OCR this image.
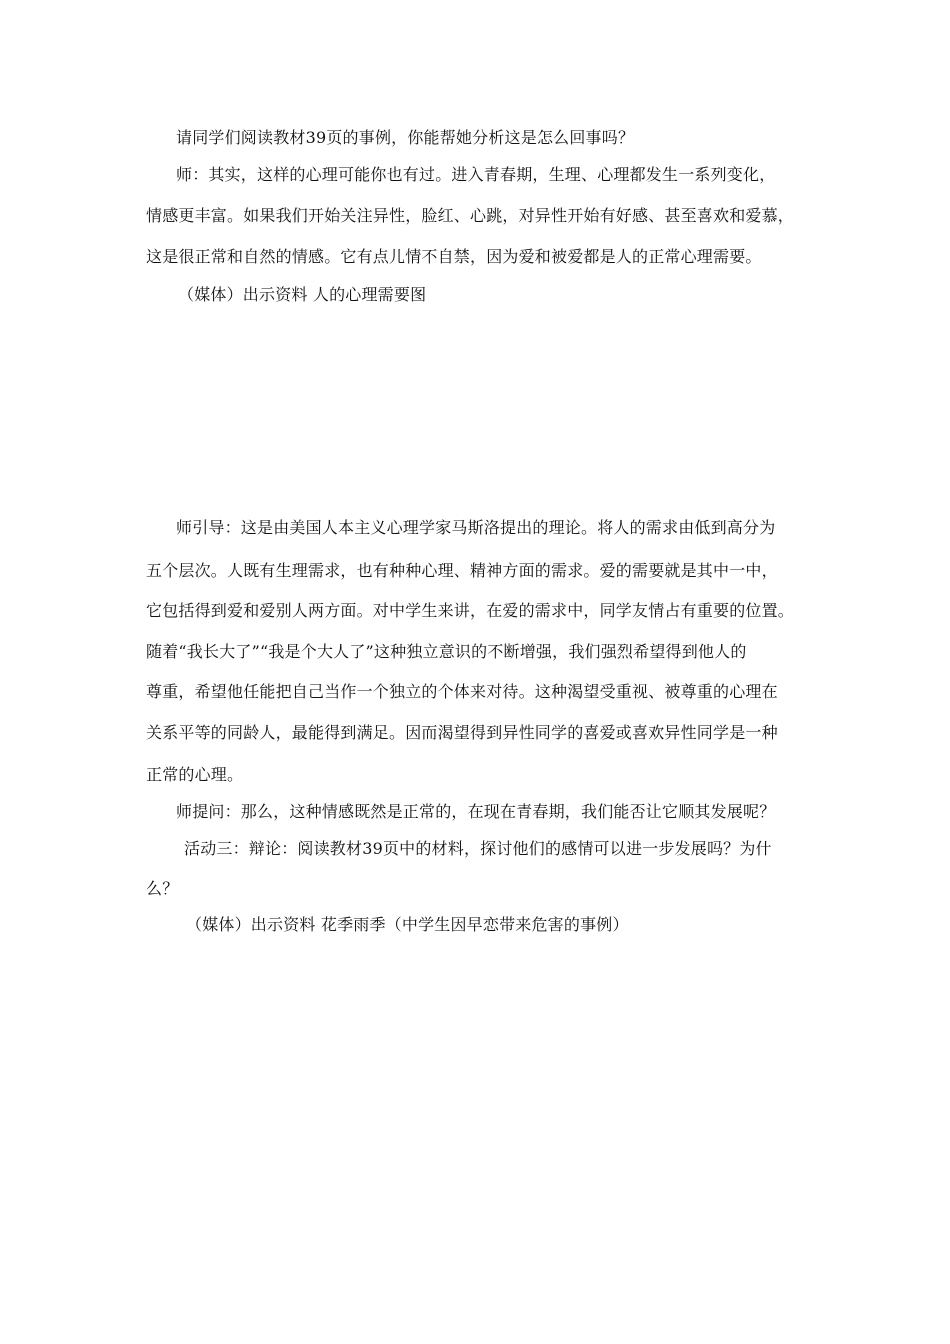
请同学们阅读教材39页的事例，你能帮她分析这是怎么回事吗？
师：其实，这样的心理可能你也有过。进入青春期，生理、心理都发生一系列变化，
情感更丰富。如果我们开始关注异性，脸红、心跳，对异性开始有好感、甚至喜欢和爱慕，
这是很正常和自然的情感。它有点儿情不自禁，因为爱和被爱都是人的正常心理需要。
（媒体）出示资料 人的心理需要图
师引导：这是由美国人本主义心理学家马斯洛提出的理论。将人的需求由低到高分为
五个层次。人既有生理需求，也有种种心理、精神方面的需求。爱的需要就是其中一中，
它包括得到爱和爱别人两方面。对中学生来讲，在爱的需求中，同学友情占有重要的位置。
随着“我长大了”“我是个大人了”这种独立意识的不断增强，我们强烈希望得到他人的
尊重，希望他任能把自己当作一个独立的个体来对待。这种渴望受重视、被尊重的心理在
关系平等的同龄人，最能得到满足。因而渴望得到异性同学的喜爱或喜欢异性同学是一种
正常的心理。
师提问：那么，这种情感既然是正常的，在现在青春期，我们能否让它顺其发展呢？
活动三：辩论：阅读教材39页中的材料，探讨他们的感情可以进一步发展吗？为什
么？
（媒体）出示资料 花季雨季（中学生因早恋带来危害的事例）
